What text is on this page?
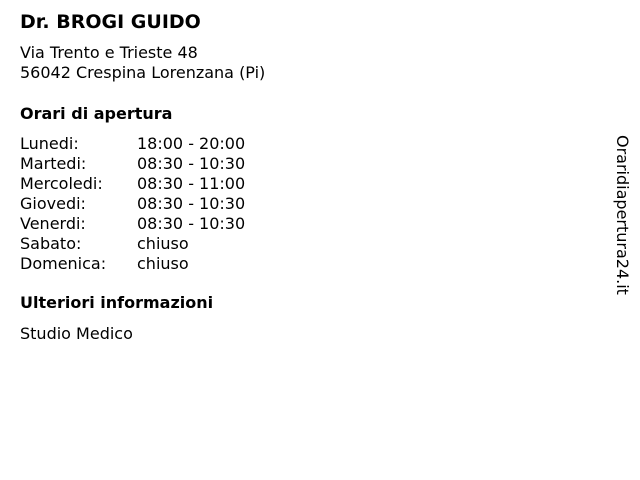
Dr. BROGI GUIDO
Via Trento e Trieste 48
56042 Crespina Lorenzana (Pi)
Orari di apertura
Lunedi:	18:00 - 20:00
Martedi:	08:30 - 10:30
Mercoledi:	08:30 - 11:00
Giovedi:	08:30 - 10:30
Venerdi:	08:30 - 10:30
Sabato:	chiuso
Domenica:	chiuso
Ulteriori informazioni
Studio Medico
Oraridiapertura24.it
